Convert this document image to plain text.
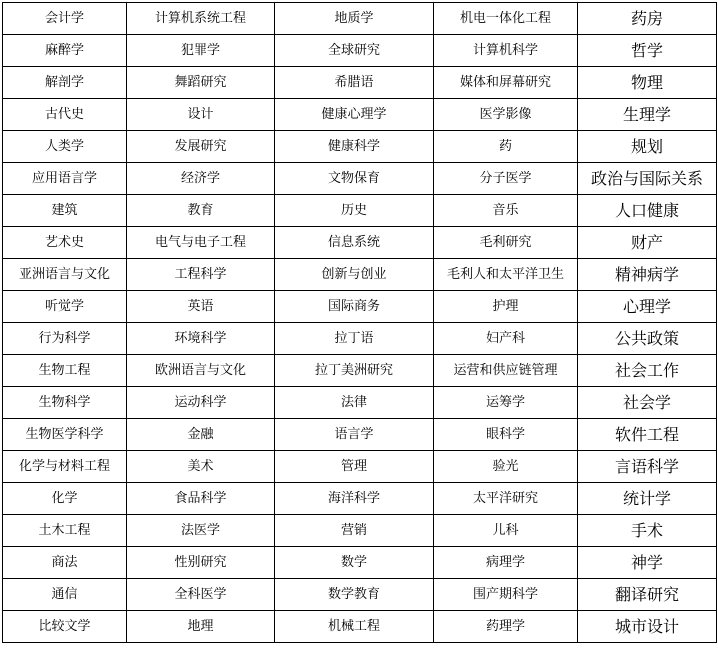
会计学	计算机系统工程	地质学	机电一体化工程	药房
麻醉学	犯罪学	全球研究	计算机科学	哲学
解剖学	舞蹈研究	希腊语	媒体和屏幕研究	物理
古代史	设计	健康心理学	医学影像	生理学
人类学	发展研究	健康科学	药	规划
应用语言学	经济学	文物保育	分子医学	政治与国际关系
建筑	教育	历史	音乐	人口健康
艺术史	电气与电子工程	信息系统	毛利研究	财产
亚洲语言与文化	工程科学	创新与创业	毛利人和太平洋卫生	精神病学
听觉学	英语	国际商务	护理	心理学
行为科学	环境科学	拉丁语	妇产科	公共政策
生物工程	欧洲语言与文化	拉丁美洲研究	运营和供应链管理	社会工作
生物科学	运动科学	法律	运筹学	社会学
生物医学科学	金融	语言学	眼科学	软件工程
化学与材料工程	美术	管理	验光	言语科学
化学	食品科学	海洋科学	太平洋研究	统计学
土木工程	法医学	营销	儿科	手术
商法	性别研究	数学	病理学	神学
通信	全科医学	数学教育	围产期科学	翻译研究
比较文学	地理	机械工程	药理学	城市设计
